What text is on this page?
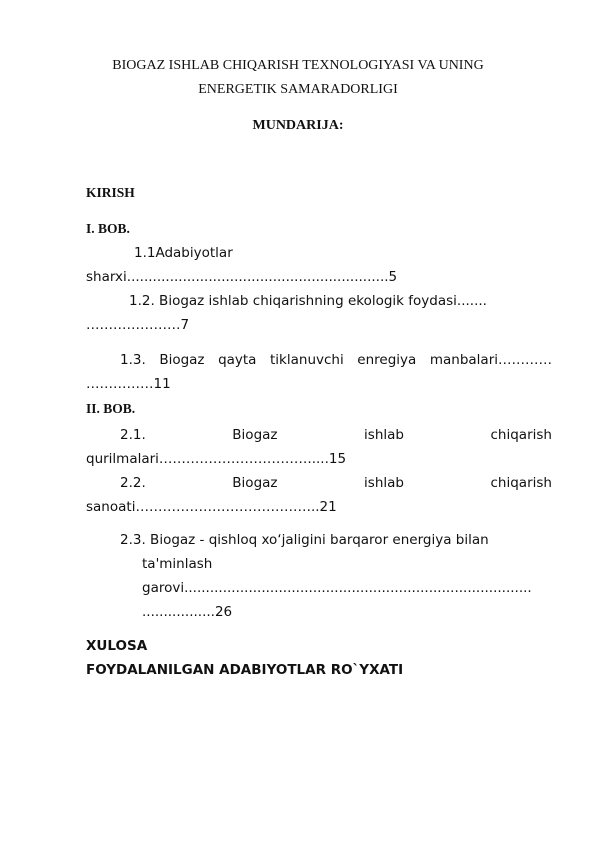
BIOGAZ ISHLAB CHIQARISH TEXNOLOGIYASI VA UNING
ENERGETIK SAMARADORLIGI
MUNDARIJA:
KIRISH
I. BOB.
1.1Adabiyotlar
sharxi.............................................................5
1.2. Biogaz ishlab chiqarishning ekologik foydasi.......
…………………7
1.3. Biogaz qayta tiklanuvchi enregiya manbalari…………
……………11
II. BOB.
2.1.	Biogaz	ishlab	chiqarish
qurilmalari…………………………….....15
2.2.	Biogaz	ishlab	chiqarish
sanoati…………………………………..21
2.3. Biogaz - qishloq xo‘jaligini barqaror energiya bilan
ta'minlash
garovi.................................................................................
.................26
XULOSA
FOYDALANILGAN ADABIYOTLAR RO`YXATI
